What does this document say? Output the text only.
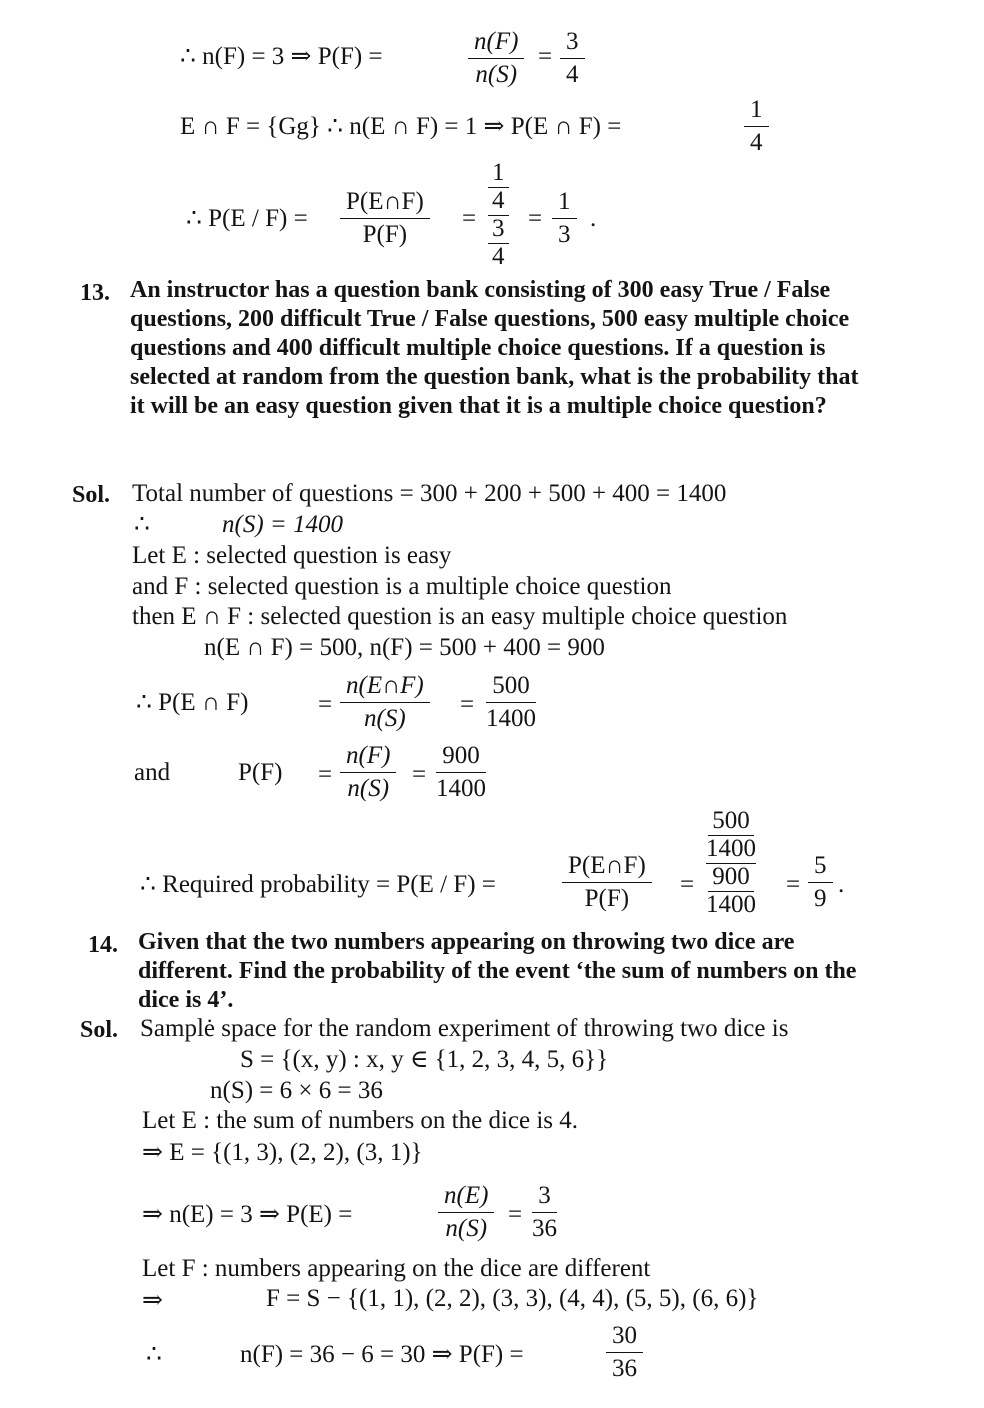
∴ n(F) = 3 ⇒ P(F) =	$\frac{n(F)}{n(S)} = \frac{3}{4}$
E ∩ F = {Gg} ∴ n(E ∩ F) = 1 ⇒ P(E ∩ F) =	$\frac{1}{4}$
∴ $P(E / F) = \frac{P(E\cap F)}{P(F)}$ =
$\frac{1}{4}$
$\frac{3}{4} = \frac{1}{3}$ .
13. An instructor has a question bank consisting of 300 easy True / False questions, 200 difficult True / False questions, 500 easy multiple choice questions and 400 difficult multiple choice questions. If a question is selected at random from the question bank, what is the probability that it will be an easy question given that it is a multiple choice question?
Sol. Total number of questions = 300 + 200 + 500 + 400 = 1400
∴	n(S) = 1400
Let E : selected question is easy
and F : selected question is a multiple choice question
then E ∩ F : selected question is an easy multiple choice question
n(E ∩ F) = 500, n(F) = 500 + 400 = 900
∴ P(E ∩ F)	= $\frac{n(E\cap F)}{n(S)} = \frac{500}{1400}$
and	$P(F) = \frac{n(F)}{n(S)} = \frac{900}{1400}$
∴ Required probability = P(E / F) =	$\frac{P(E\cap F)}{P(F)}$ =
$\frac{500}{1400}$
$\frac{900}{1400} = \frac{5}{9}$ .
14. Given that the two numbers appearing on throwing two dice are different. Find the probability of the event ‘the sum of numbers on the dice is 4’.
Sol. Samplė space for the random experiment of throwing two dice is
S = {(x, y) : x, y ∈ {1, 2, 3, 4, 5, 6}}
n(S) = 6 × 6 = 36
Let E : the sum of numbers on the dice is 4.
⇒ E = {(1, 3), (2, 2), (3, 1)}
⇒ n(E) = 3 ⇒ P(E) =	$\frac{n(E)}{n(S)} = \frac{3}{36}$
Let F : numbers appearing on the dice are different
⇒	F = S − {(1, 1), (2, 2), (3, 3), (4, 4), (5, 5), (6, 6)}
∴	n(F) = 36 − 6 = 30 ⇒ P(F) =	$\frac{30}{36}$
